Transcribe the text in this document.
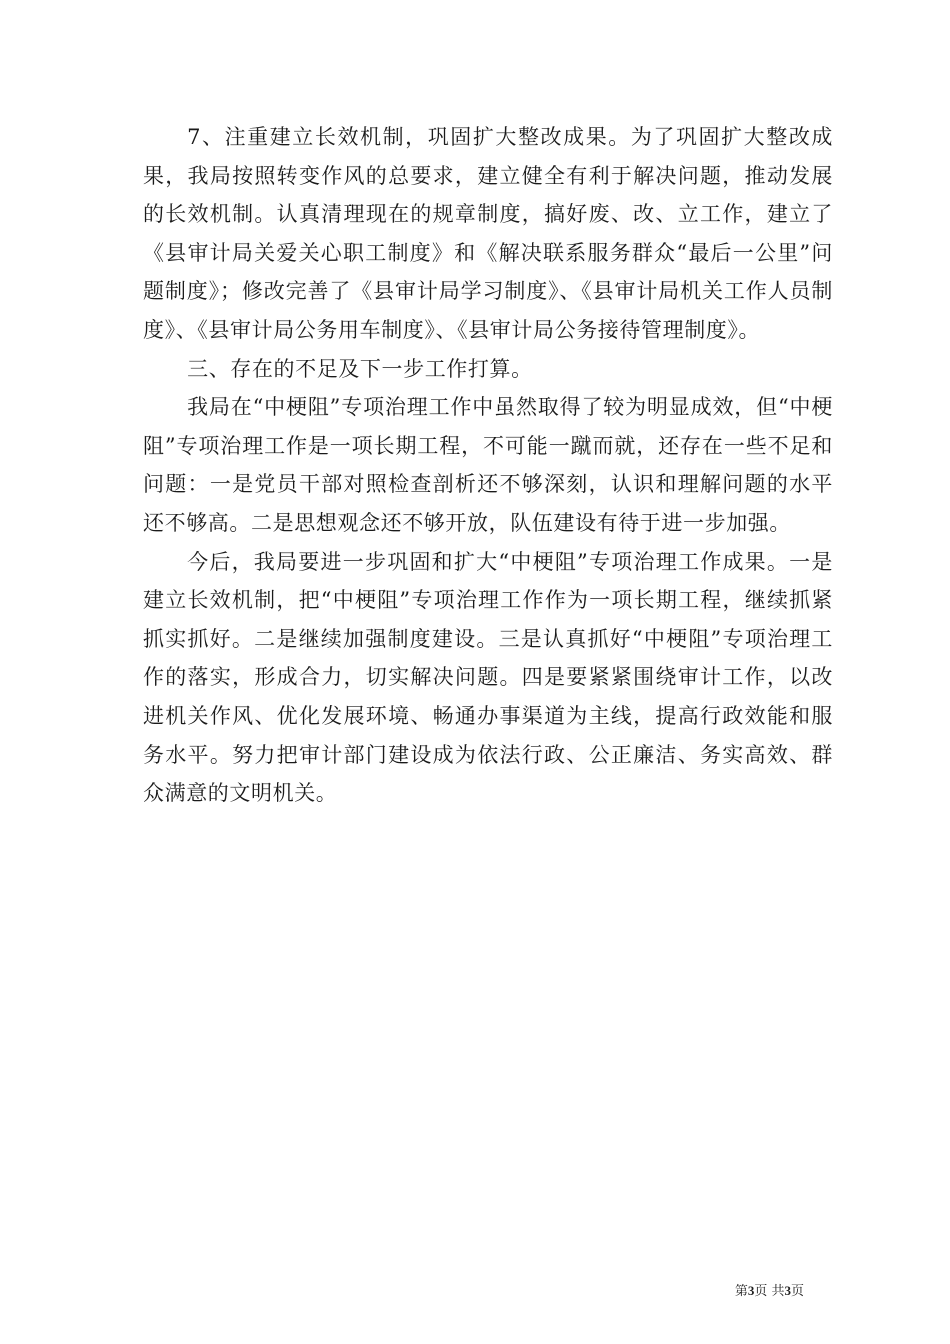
7、注重建立长效机制，巩固扩大整改成果。为了巩固扩大整改成果，我局按照转变作风的总要求，建立健全有利于解决问题，推动发展的长效机制。认真清理现在的规章制度，搞好废、改、立工作，建立了《县审计局关爱关心职工制度》和《解决联系服务群众“最后一公里”问题制度》；修改完善了《县审计局学习制度》、《县审计局机关工作人员制度》、《县审计局公务用车制度》、《县审计局公务接待管理制度》。

三、存在的不足及下一步工作打算。

我局在“中梗阻”专项治理工作中虽然取得了较为明显成效，但“中梗阻”专项治理工作是一项长期工程，不可能一蹴而就，还存在一些不足和问题：一是党员干部对照检查剖析还不够深刻，认识和理解问题的水平还不够高。二是思想观念还不够开放，队伍建设有待于进一步加强。

今后，我局要进一步巩固和扩大“中梗阻”专项治理工作成果。一是建立长效机制，把“中梗阻”专项治理工作作为一项长期工程，继续抓紧抓实抓好。二是继续加强制度建设。三是认真抓好“中梗阻”专项治理工作的落实，形成合力，切实解决问题。四是要紧紧围绕审计工作，以改进机关作风、优化发展环境、畅通办事渠道为主线，提高行政效能和服务水平。努力把审计部门建设成为依法行政、公正廉洁、务实高效、群众满意的文明机关。

第3页 共3页
